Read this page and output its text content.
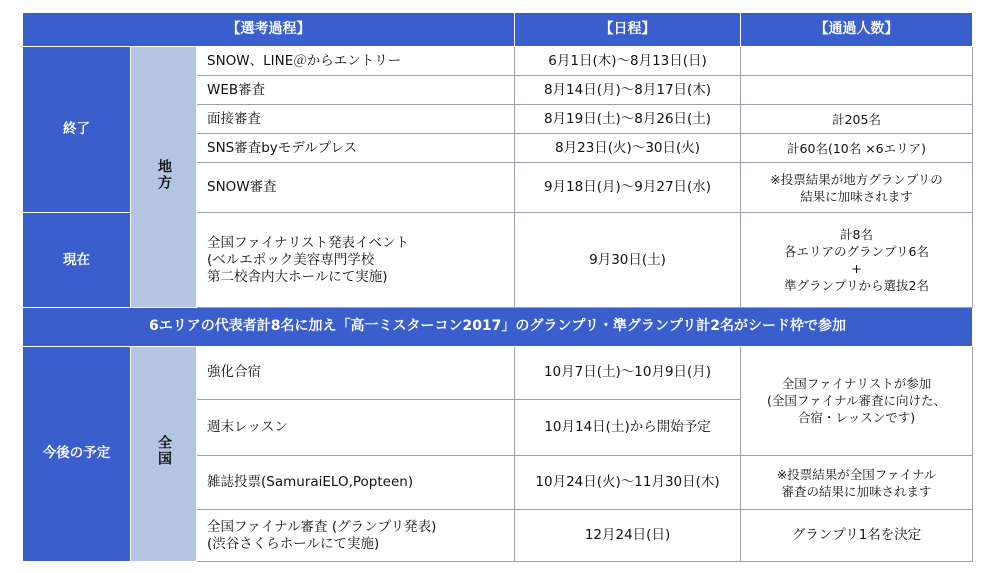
【選考過程】			【日程】	【通過人数】
終了	地方	SNOW、LINE＠からエントリー	6月1日(木)〜8月13日(日)	
		WEB審査	8月14日(月)〜8月17日(木)	
		面接審査	8月19日(土)〜8月26日(土)	計205名
		SNS審査byモデルプレス	8月23日(火)〜30日(火)	計60名(10名 ×6エリア)
		SNOW審査	9月18日(月)〜9月27日(水)	※投票結果が地方グランプリの
結果に加味されます

現在		全国ファイナリスト発表イベント
(ベルエポック美容専門学校
第二校舎内大ホールにて実施)	9月30日(土)	計8名
各エリアのグランプリ6名
+
準グランプリから選抜2名

6エリアの代表者計8名に加え「高一ミスターコン2017」のグランプリ・準グランプリ計2名がシード枠で参加				
今後の予定	全国	強化合宿	10月7日(土)〜10月9日(月)	全国ファイナリストが参加
(全国ファイナル審査に向けた、
合宿・レッスンです)

		週末レッスン	10月14日(土)から開始予定	
		雑誌投票(SamuraiELO,Popteen)	10月24日(火)〜11月30日(木)	※投票結果が全国ファイナル
審査の結果に加味されます

		全国ファイナル審査 (グランプリ発表)
(渋谷さくらホールにて実施)	12月24日(日)	グランプリ1名を決定
